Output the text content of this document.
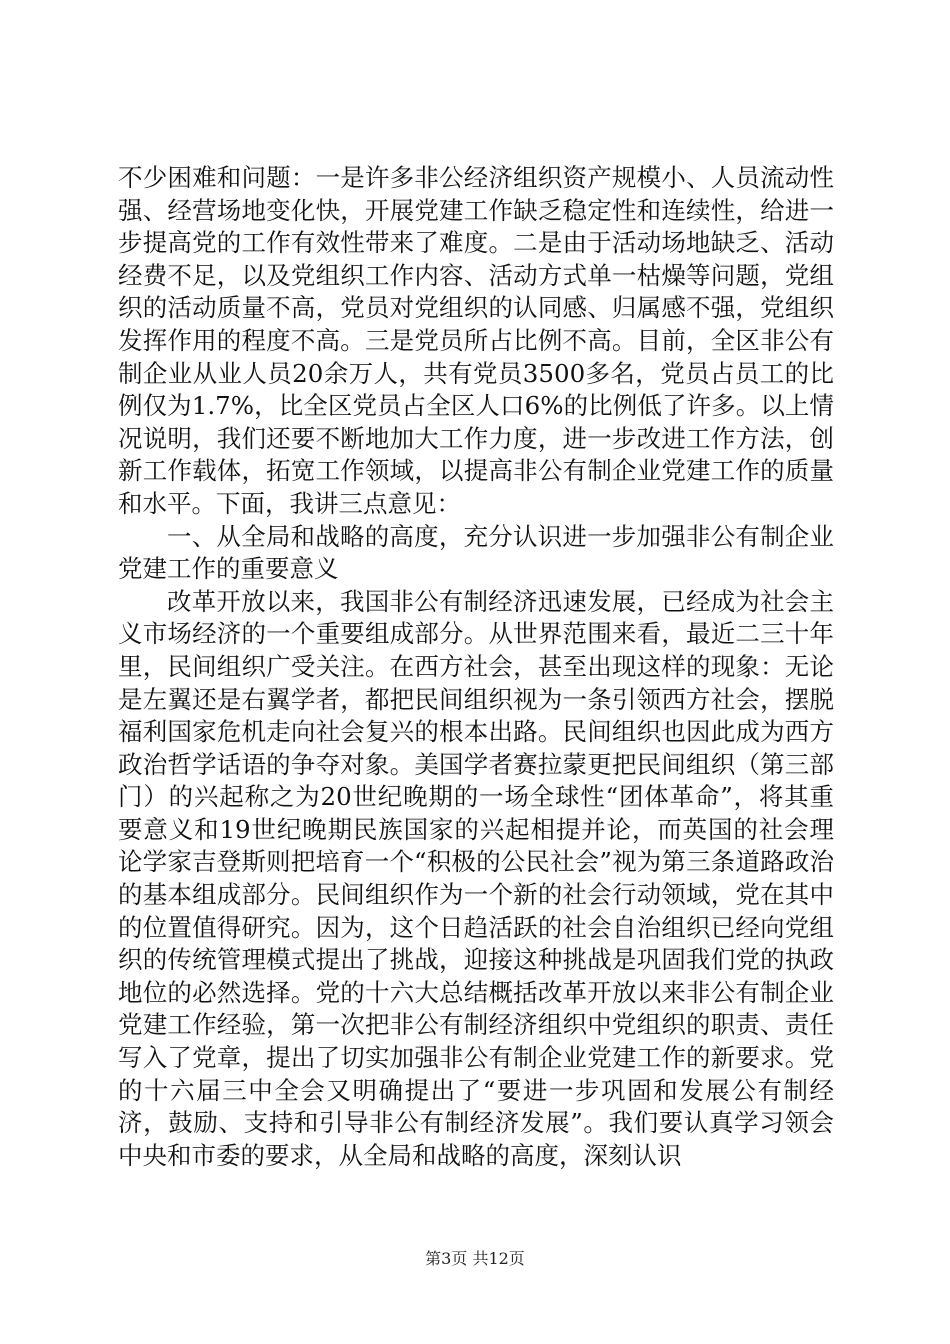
不少困难和问题：一是许多非公经济组织资产规模小、人员流动性强、经营场地变化快，开展党建工作缺乏稳定性和连续性，给进一步提高党的工作有效性带来了难度。二是由于活动场地缺乏、活动经费不足，以及党组织工作内容、活动方式单一枯燥等问题，党组织的活动质量不高，党员对党组织的认同感、归属感不强，党组织发挥作用的程度不高。三是党员所占比例不高。目前，全区非公有制企业从业人员20余万人，共有党员3500多名，党员占员工的比例仅为1.7%，比全区党员占全区人口6%的比例低了许多。以上情况说明，我们还要不断地加大工作力度，进一步改进工作方法，创新工作载体，拓宽工作领域，以提高非公有制企业党建工作的质量和水平。下面，我讲三点意见：

一、从全局和战略的高度，充分认识进一步加强非公有制企业党建工作的重要意义

改革开放以来，我国非公有制经济迅速发展，已经成为社会主义市场经济的一个重要组成部分。从世界范围来看，最近二三十年里，民间组织广受关注。在西方社会，甚至出现这样的现象：无论是左翼还是右翼学者，都把民间组织视为一条引领西方社会，摆脱福利国家危机走向社会复兴的根本出路。民间组织也因此成为西方政治哲学话语的争夺对象。美国学者赛拉蒙更把民间组织（第三部门）的兴起称之为20世纪晚期的一场全球性“团体革命”，将其重要意义和19世纪晚期民族国家的兴起相提并论，而英国的社会理论学家吉登斯则把培育一个“积极的公民社会”视为第三条道路政治的基本组成部分。民间组织作为一个新的社会行动领域，党在其中的位置值得研究。因为，这个日趋活跃的社会自治组织已经向党组织的传统管理模式提出了挑战，迎接这种挑战是巩固我们党的执政地位的必然选择。党的十六大总结概括改革开放以来非公有制企业党建工作经验，第一次把非公有制经济组织中党组织的职责、责任写入了党章，提出了切实加强非公有制企业党建工作的新要求。党的十六届三中全会又明确提出了“要进一步巩固和发展公有制经济，鼓励、支持和引导非公有制经济发展”。我们要认真学习领会中央和市委的要求，从全局和战略的高度，深刻认识

第3页 共12页
